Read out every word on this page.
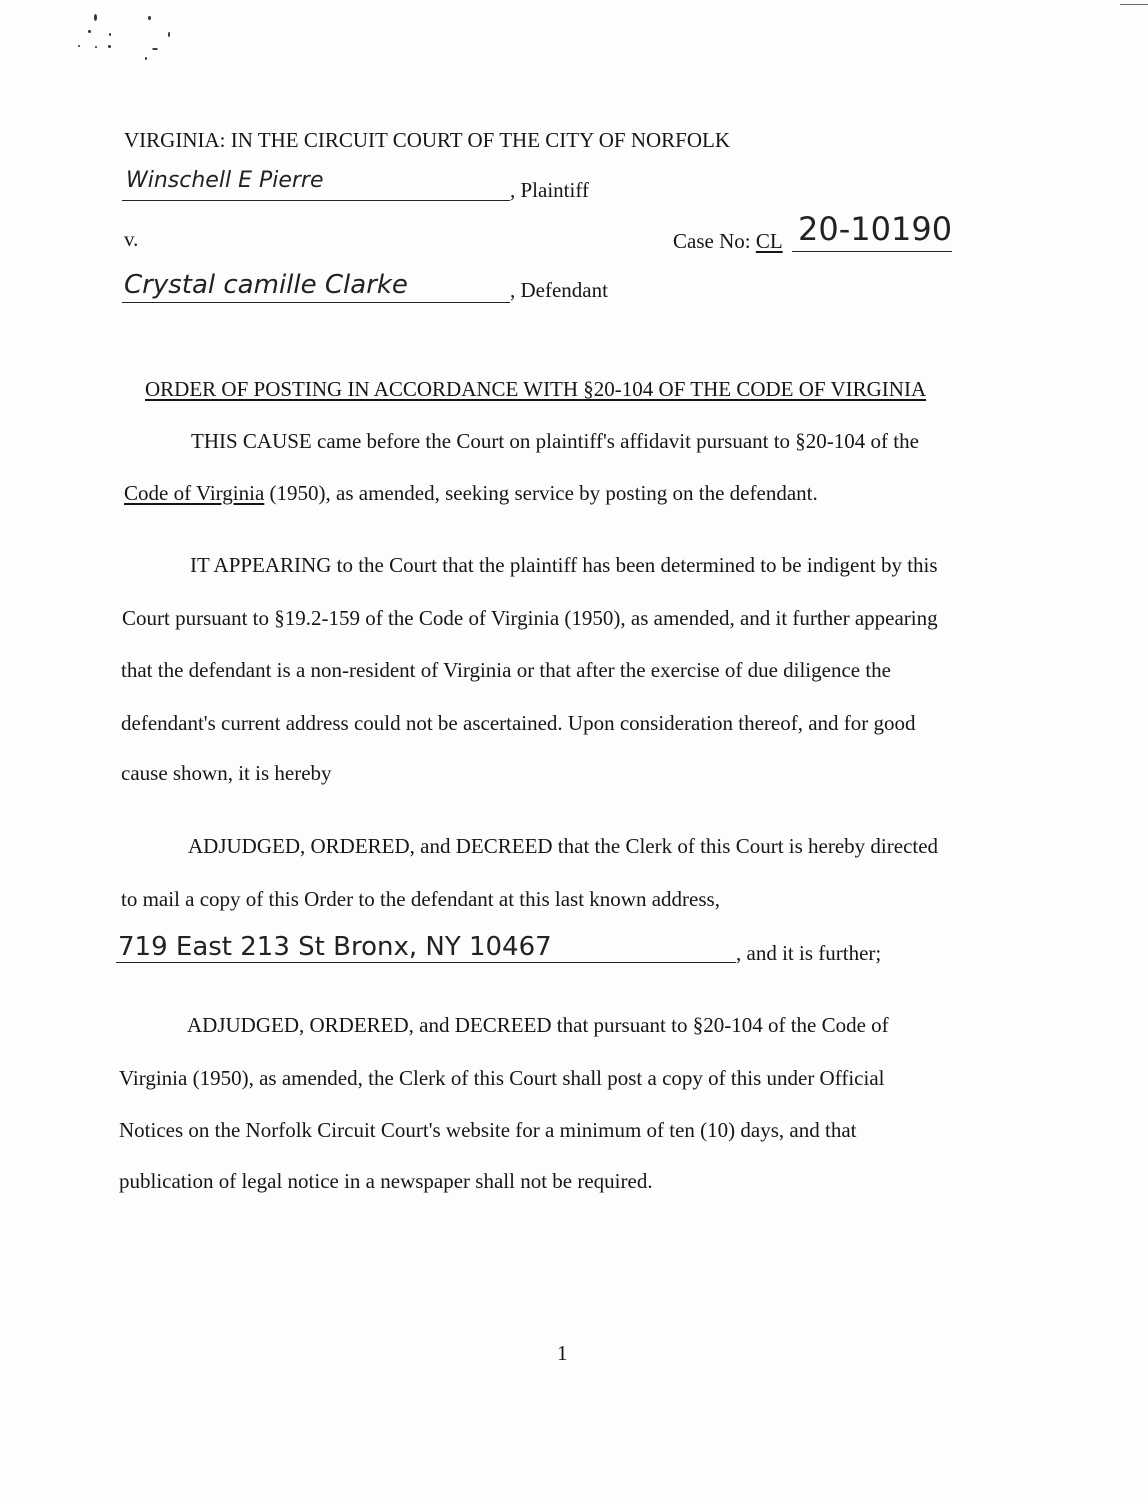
VIRGINIA: IN THE CIRCUIT COURT OF THE CITY OF NORFOLK

Winschell E Pierre	, Plaintiff

v.	Case No: CL 20-10190
Crystal camille Clarke	, Defendant

ORDER OF POSTING IN ACCORDANCE WITH §20-104 OF THE CODE OF VIRGINIA

THIS CAUSE came before the Court on plaintiff's affidavit pursuant to §20-104 of the

Code of Virginia (1950), as amended, seeking service by posting on the defendant.

IT APPEARING to the Court that the plaintiff has been determined to be indigent by this

Court pursuant to §19.2-159 of the Code of Virginia (1950), as amended, and it further appearing

that the defendant is a non-resident of Virginia or that after the exercise of due diligence the

defendant's current address could not be ascertained. Upon consideration thereof, and for good

cause shown, it is hereby

ADJUDGED, ORDERED, and DECREED that the Clerk of this Court is hereby directed

to mail a copy of this Order to the defendant at this last known address,

719 East 213 St Bronx, NY 10467	, and it is further;

ADJUDGED, ORDERED, and DECREED that pursuant to §20-104 of the Code of

Virginia (1950), as amended, the Clerk of this Court shall post a copy of this under Official

Notices on the Norfolk Circuit Court's website for a minimum of ten (10) days, and that

publication of legal notice in a newspaper shall not be required.

1
